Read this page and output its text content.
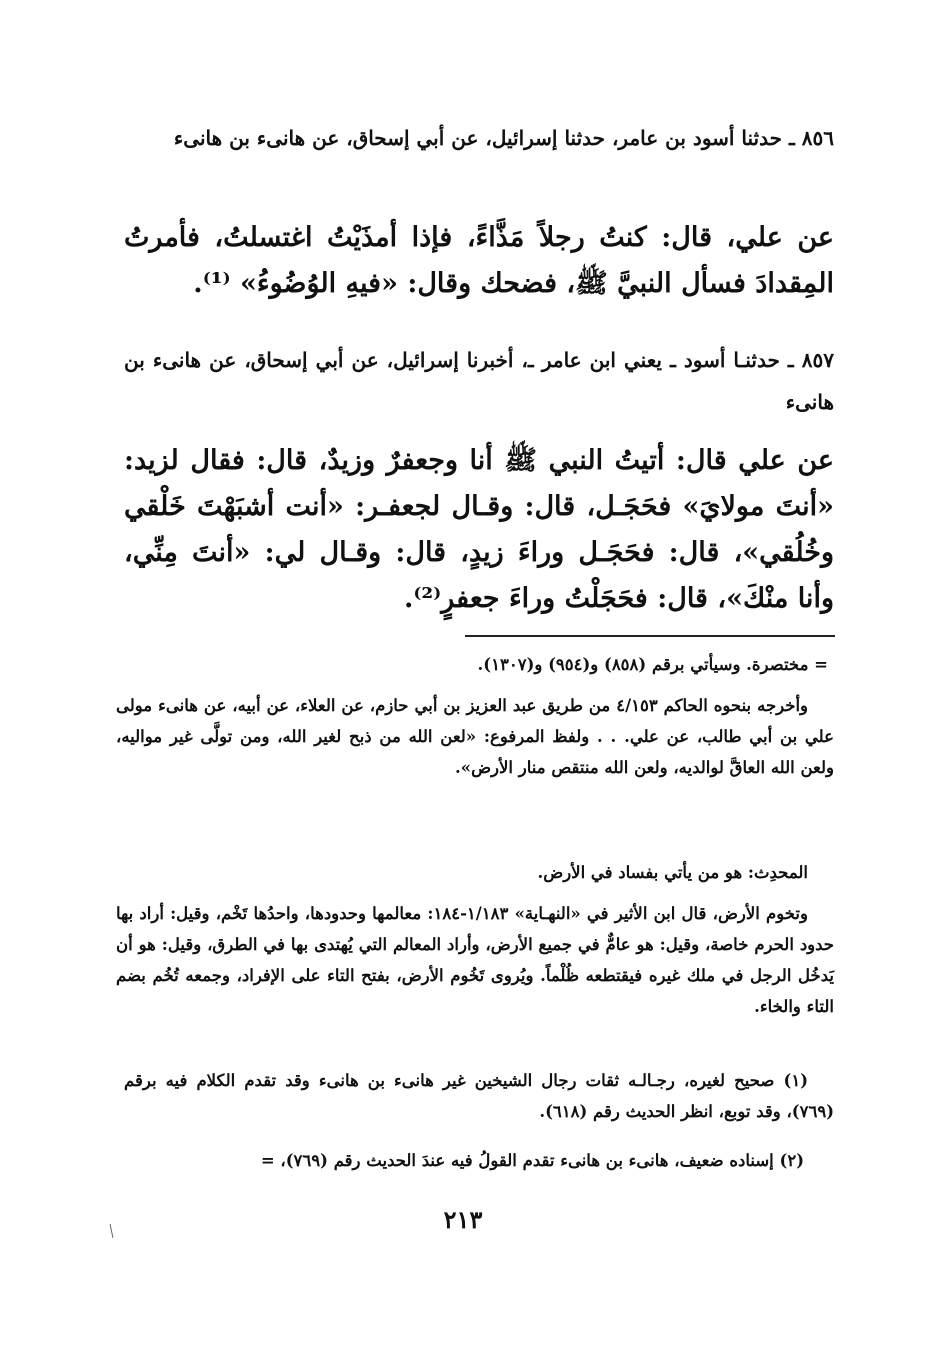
٨٥٦ ـ حدثنا أسود بن عامر، حدثنا إسرائيل، عن أبي إسحاق، عن هانىء بن هانىء
عن علي، قال: كنتُ رجلاً مَذَّاءً، فإذا أمذَيْتُ اغتسلتُ، فأمرتُ المِقدادَ فسأل النبيَّ ﷺ، فضحك وقال: «فيهِ الوُضُوءُ» ⁽¹⁾.
٨٥٧ ـ حدثنـا أسود ـ يعني ابن عامر ـ، أخبرنا إسرائيل، عن أبي إسحاق، عن هانىء بن هانىء
عن علي قال: أتيتُ النبي ﷺ أنا وجعفرٌ وزيدٌ، قال: فقال لزيد: «أنتَ مولايَ» فحَجَـل، قال: وقـال لجعفـر: «أنت أشبَهْتَ خَلْقي وخُلُقي»، قال: فحَجَـل وراءَ زيدٍ، قال: وقـال لي: «أنتَ مِنِّي، وأنا منْكَ»، قال: فحَجَلْتُ وراءَ جعفرٍ⁽²⁾.
= مختصرة. وسيأتي برقم (٨٥٨) و(٩٥٤) و(١٣٠٧).
وأخرجه بنحوه الحاكم ٤/١٥٣ من طريق عبد العزيز بن أبي حازم، عن العلاء، عن أبيه، عن هانىء مولى علي بن أبي طالب، عن علي. . . ولفظ المرفوع: «لعن الله من ذبح لغير الله، ومن تولَّى غير مواليه، ولعن الله العاقَّ لوالديه، ولعن الله منتقص منار الأرض».
المحدِث: هو من يأتي بفساد في الأرض.
وتخوم الأرض، قال ابن الأثير في «النهـاية» ١/١٨٣-١٨٤: معالمها وحدودها، واحدُها تَخْم، وقيل: أراد بها حدود الحرم خاصة، وقيل: هو عامٌّ في جميع الأرض، وأراد المعالم التي يُهتدى بها في الطرق، وقيل: هو أن يَدخُل الرجل في ملك غيره فيقتطعه ظُلْماً. ويُروى تَخُوم الأرض، بفتح التاء على الإفراد، وجمعه تُخُم بضم التاء والخاء.
(١) صحيح لغيره، رجـالـه ثقات رجال الشيخين غير هانىء بن هانىء وقد تقدم الكلام فيه برقم (٧٦٩)، وقد توبع، انظر الحديث رقم (٦١٨).
(٢) إسناده ضعيف، هانىء بن هانىء تقدم القولُ فيه عندَ الحديث رقم (٧٦٩)، =
٢١٣
